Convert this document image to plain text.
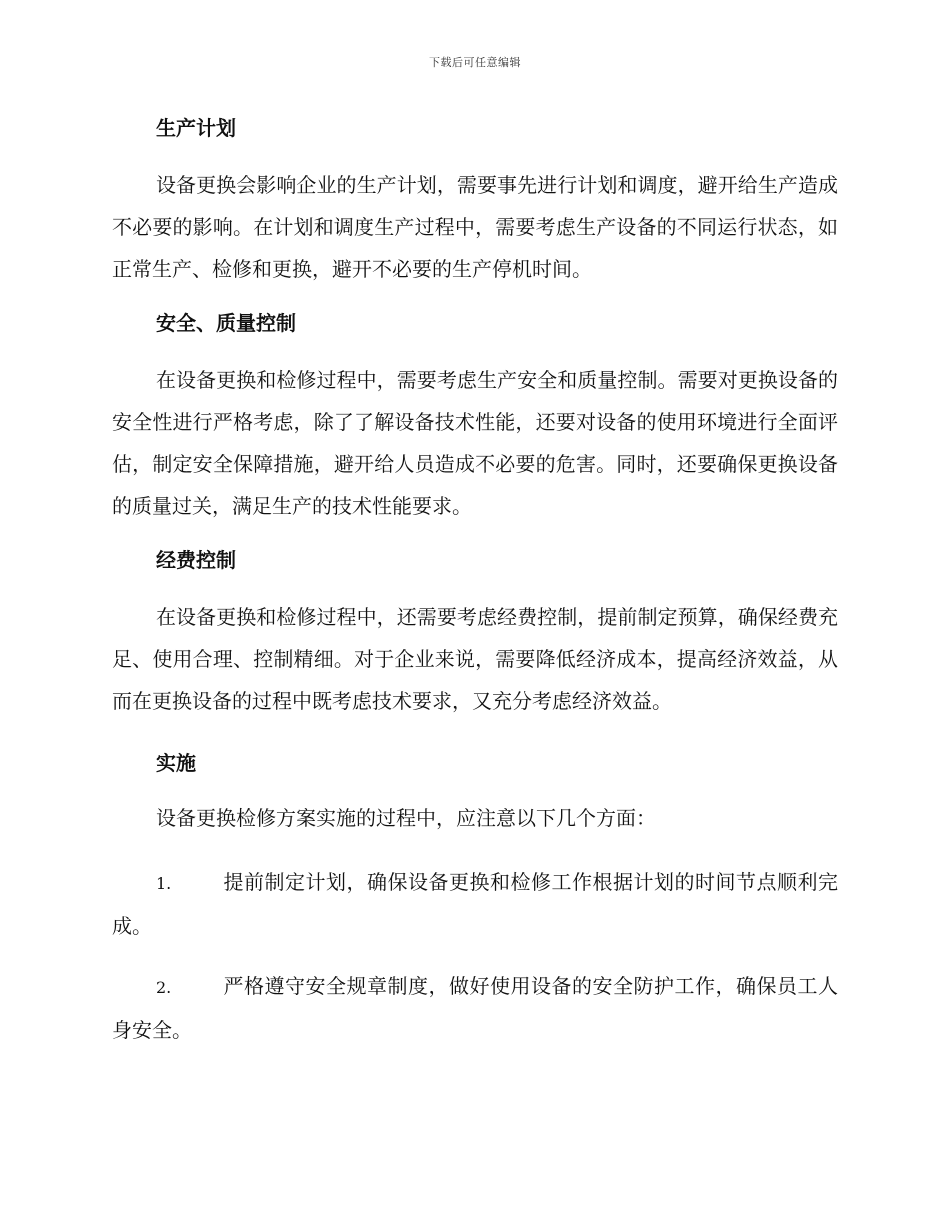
下载后可任意编辑
生产计划

设备更换会影响企业的生产计划，需要事先进行计划和调度，避开给生产造成不必要的影响。在计划和调度生产过程中，需要考虑生产设备的不同运行状态，如正常生产、检修和更换，避开不必要的生产停机时间。

安全、质量控制

在设备更换和检修过程中，需要考虑生产安全和质量控制。需要对更换设备的安全性进行严格考虑，除了了解设备技术性能，还要对设备的使用环境进行全面评估，制定安全保障措施，避开给人员造成不必要的危害。同时，还要确保更换设备的质量过关，满足生产的技术性能要求。

经费控制

在设备更换和检修过程中，还需要考虑经费控制，提前制定预算，确保经费充足、使用合理、控制精细。对于企业来说，需要降低经济成本，提高经济效益，从而在更换设备的过程中既考虑技术要求，又充分考虑经济效益。

实施

设备更换检修方案实施的过程中，应注意以下几个方面：

1.	提前制定计划，确保设备更换和检修工作根据计划的时间节点顺利完成。

2.	严格遵守安全规章制度，做好使用设备的安全防护工作，确保员工人身安全。
